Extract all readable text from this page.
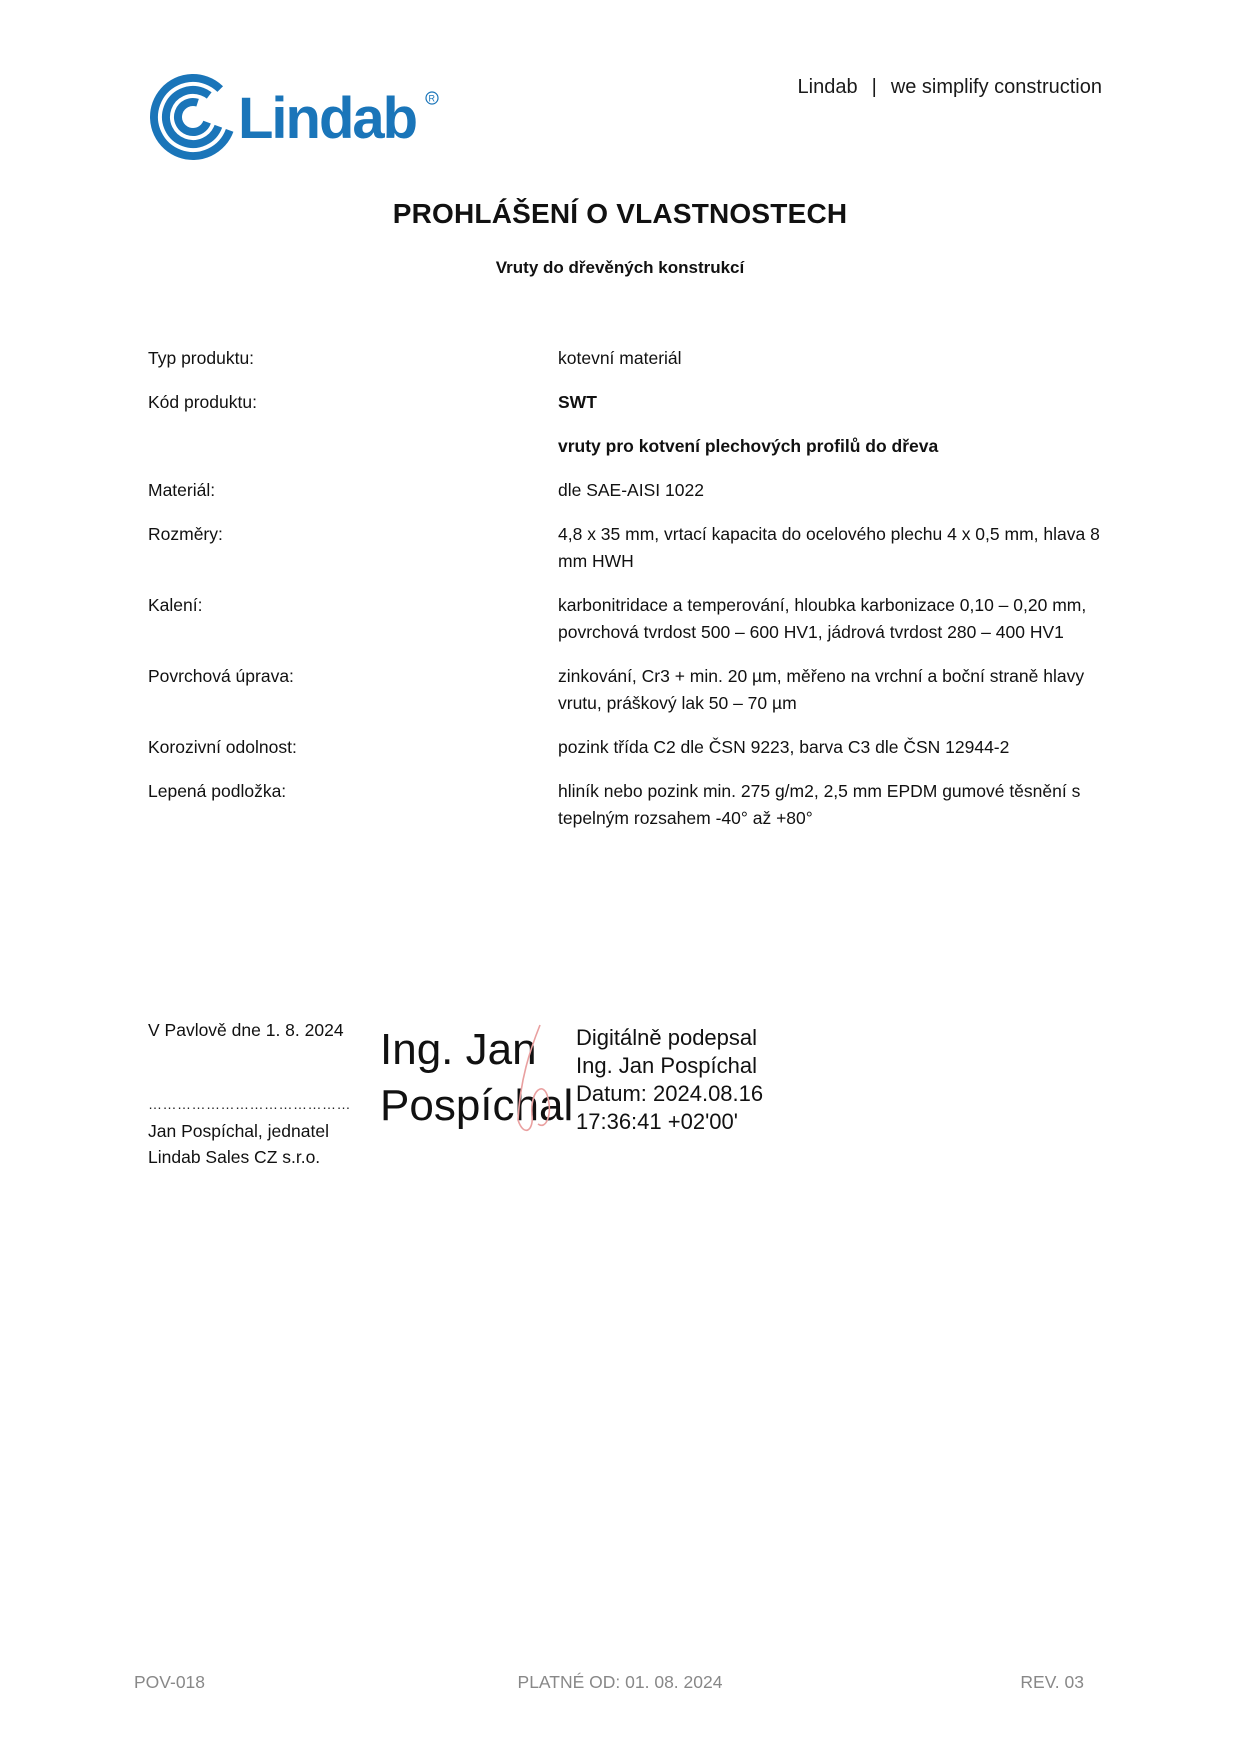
Lindab R
Lindab | we simplify construction
PROHLÁŠENÍ O VLASTNOSTECH
Vruty do dřevěných konstrukcí
Typ produktu:	kotevní materiál
Kód produktu:	SWT
vruty pro kotvení plechových profilů do dřeva
Materiál:	dle SAE-AISI 1022
Rozměry:	4,8 x 35 mm, vrtací kapacita do ocelového plechu 4 x 0,5 mm, hlava 8 mm HWH
Kalení:	karbonitridace a temperování, hloubka karbonizace 0,10 – 0,20 mm, povrchová tvrdost 500 – 600 HV1, jádrová tvrdost 280 – 400 HV1
Povrchová úprava:	zinkování, Cr3 + min. 20 µm, měřeno na vrchní a boční straně hlavy vrutu, práškový lak 50 – 70 µm
Korozivní odolnost:	pozink třída C2 dle ČSN 9223, barva C3 dle ČSN 12944-2
Lepená podložka:	hliník nebo pozink min. 275 g/m2, 2,5 mm EPDM gumové těsnění s tepelným rozsahem -40° až +80°
V Pavlově dne 1. 8. 2024
……………………………………
Jan Pospíchal, jednatel
Lindab Sales CZ s.r.o.
Ing. Jan
Pospíchal
Digitálně podepsal
Ing. Jan Pospíchal
Datum: 2024.08.16
17:36:41 +02'00'
POV-018	PLATNÉ OD: 01. 08. 2024	REV. 03
